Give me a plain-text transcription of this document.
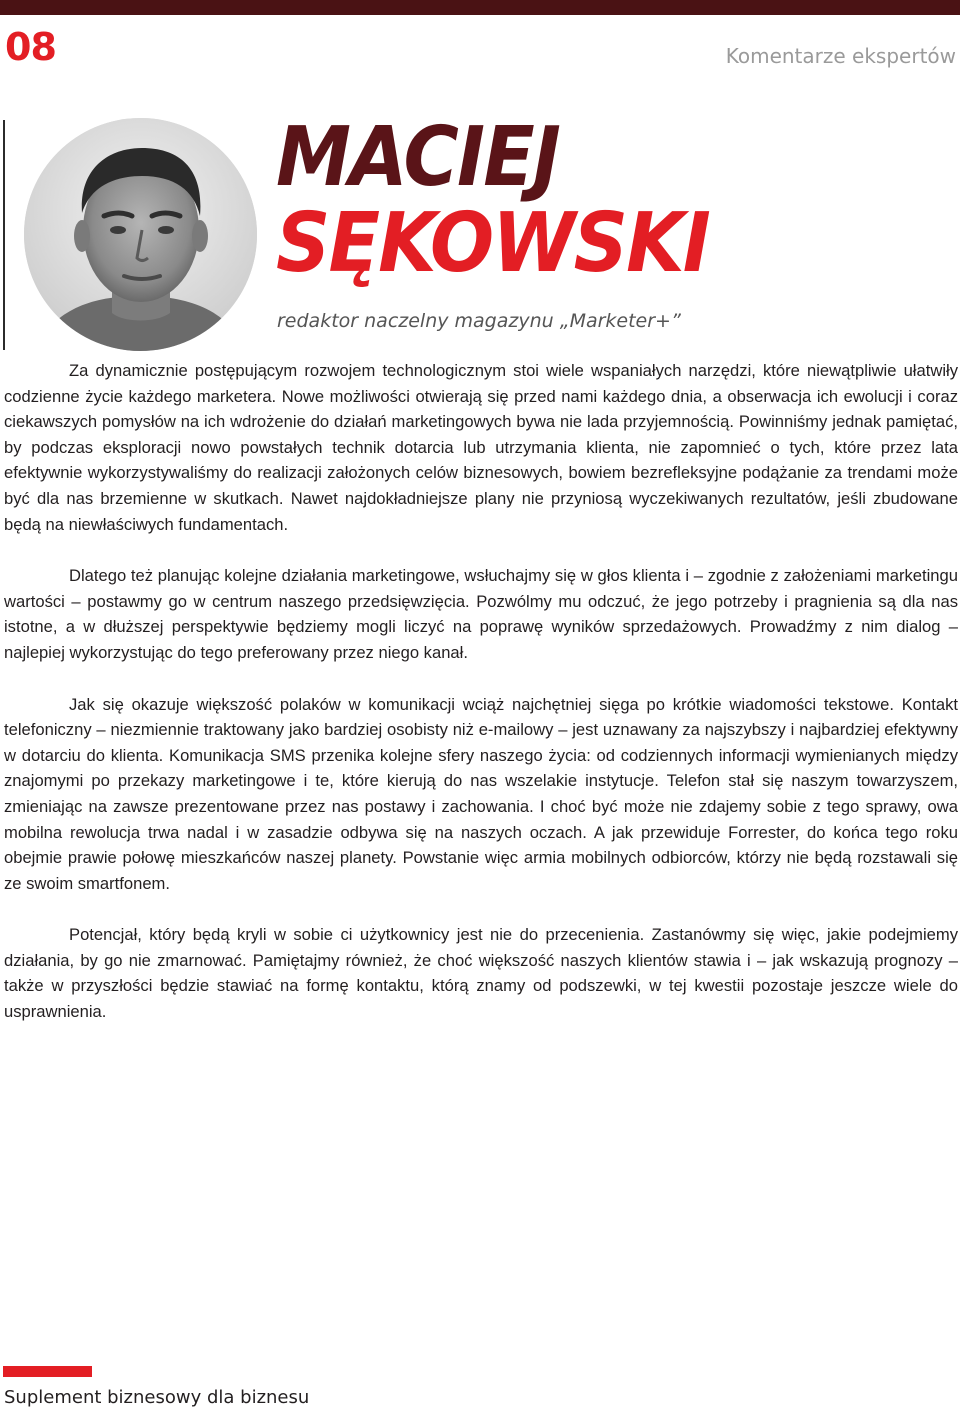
08	Komentarze ekspertów
MACIEJ
SĘKOWSKI
redaktor naczelny magazynu „Marketer+”

Za dynamicznie postępującym rozwojem technologicznym stoi wiele wspaniałych narzędzi, które niewątpliwie ułatwiły codzienne życie każdego marketera. Nowe możliwości otwierają się przed nami każdego dnia, a obserwacja ich ewolucji i coraz ciekawszych pomysłów na ich wdrożenie do działań marketingowych bywa nie lada przyjemnością. Powinniśmy jednak pamiętać, by podczas eksploracji nowo powstałych technik dotarcia lub utrzymania klienta, nie zapomnieć o tych, które przez lata efektywnie wykorzystywaliśmy do realizacji założonych celów biznesowych, bowiem bezrefleksyjne podążanie za trendami może być dla nas brzemienne w skutkach. Nawet najdokładniejsze plany nie przyniosą wyczekiwanych rezultatów, jeśli zbudowane będą na niewłaściwych fundamentach.

Dlatego też planując kolejne działania marketingowe, wsłuchajmy się w głos klienta i – zgodnie z założeniami marketingu wartości – postawmy go w centrum naszego przedsięwzięcia. Pozwólmy mu odczuć, że jego potrzeby i pragnienia są dla nas istotne, a w dłuższej perspektywie będziemy mogli liczyć na poprawę wyników sprzedażowych. Prowadźmy z nim dialog – najlepiej wykorzystując do tego preferowany przez niego kanał.

Jak się okazuje większość polaków w komunikacji wciąż najchętniej sięga po krótkie wiadomości tekstowe. Kontakt telefoniczny – niezmiennie traktowany jako bardziej osobisty niż e-mailowy – jest uznawany za najszybszy i najbardziej efektywny w dotarciu do klienta. Komunikacja SMS przenika kolejne sfery naszego życia: od codziennych informacji wymienianych między znajomymi po przekazy marketingowe i te, które kierują do nas wszelakie instytucje. Telefon stał się naszym towarzyszem, zmieniając na zawsze prezentowane przez nas postawy i zachowania. I choć być może nie zdajemy sobie z tego sprawy, owa mobilna rewolucja trwa nadal i w zasadzie odbywa się na naszych oczach. A jak przewiduje Forrester, do końca tego roku obejmie prawie połowę mieszkańców naszej planety. Powstanie więc armia mobilnych odbiorców, którzy nie będą rozstawali się ze swoim smartfonem.

Potencjał, który będą kryli w sobie ci użytkownicy jest nie do przecenienia. Zastanówmy się więc, jakie podejmiemy działania, by go nie zmarnować. Pamiętajmy również, że choć większość naszych klientów stawia i – jak wskazują prognozy – także w przyszłości będzie stawiać na formę kontaktu, którą znamy od podszewki, w tej kwestii pozostaje jeszcze wiele do usprawnienia.

Suplement biznesowy dla biznesu
